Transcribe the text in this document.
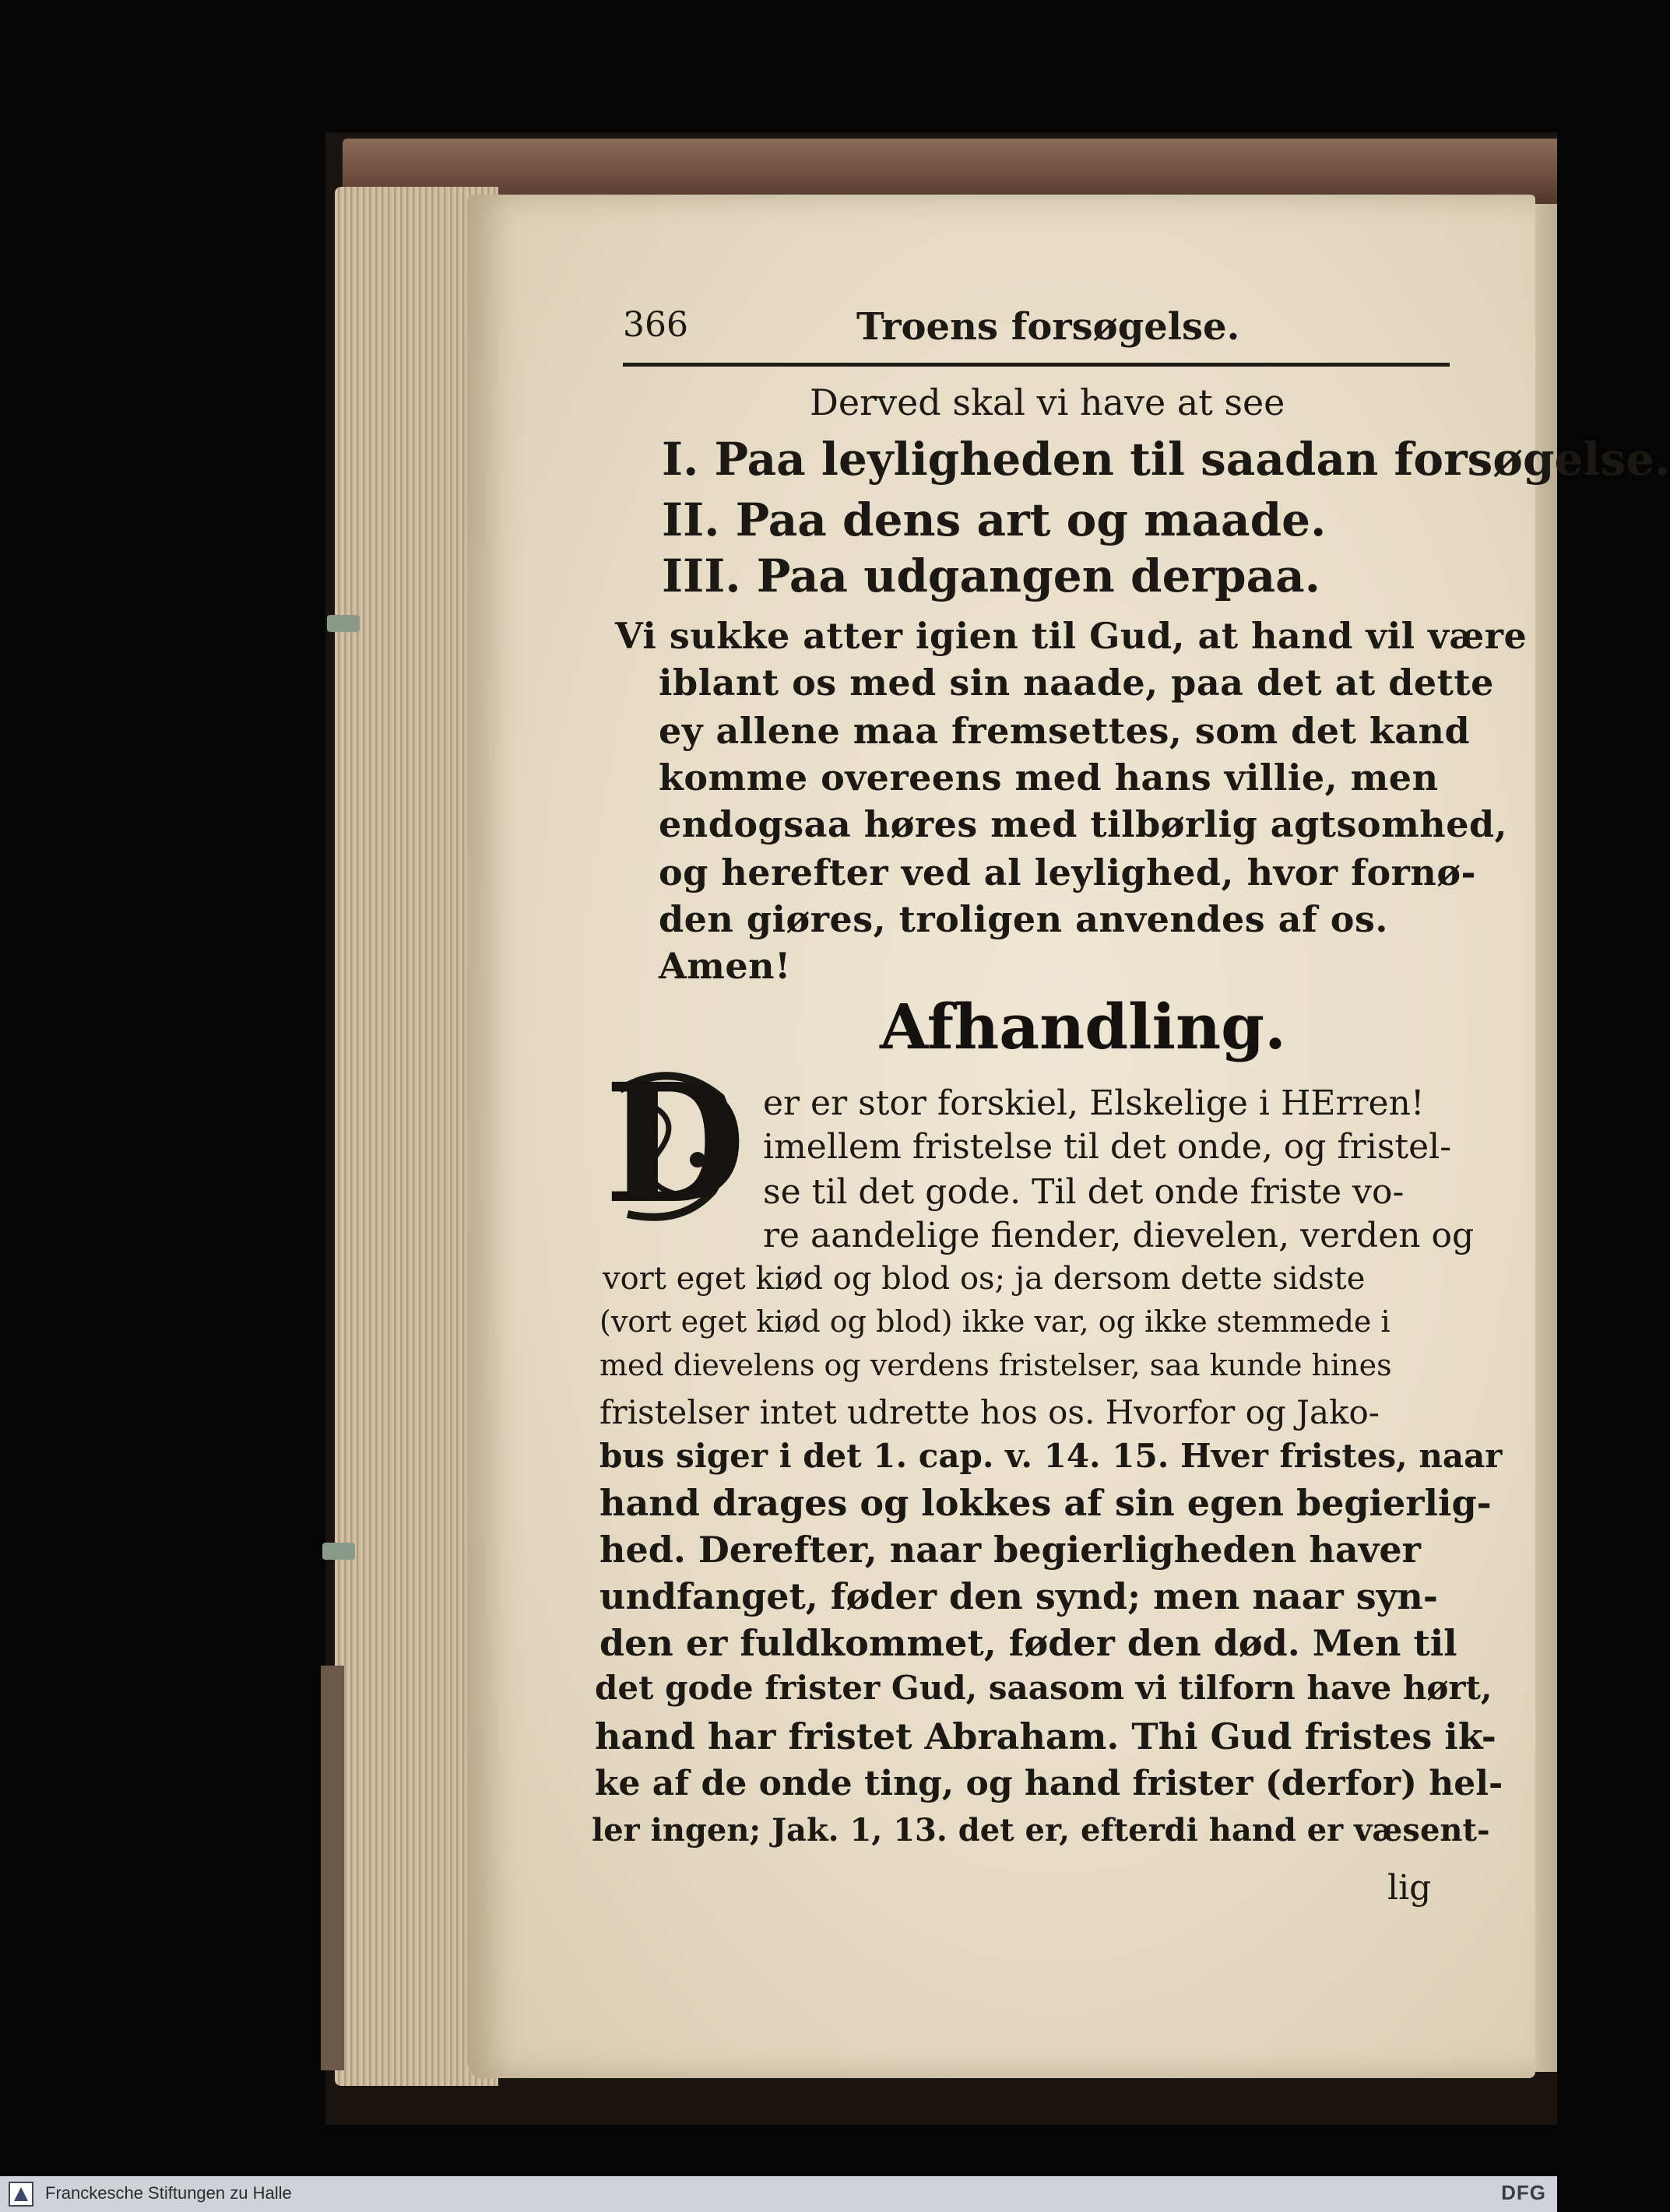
366	Troens forsøgelse.
Derved skal vi have at see
I. Paa leyligheden til saadan forsøgelse.
II. Paa dens art og maade.
III. Paa udgangen derpaa.
Vi sukke atter igien til Gud, at hand vil være
iblant os med sin naade, paa det at dette
ey allene maa fremsettes, som det kand
komme overeens med hans villie, men
endogsaa høres med tilbørlig agtsomhed,
og herefter ved al leylighed, hvor fornø-
den giøres, troligen anvendes af os.
Amen!
Afhandling.
D er er stor forskiel, Elskelige i HErren!
imellem fristelse til det onde, og fristel-
se til det gode. Til det onde friste vo-
re aandelige fiender, dievelen, verden og
vort eget kiød og blod os; ja dersom dette sidste
(vort eget kiød og blod) ikke var, og ikke stemmede i
med dievelens og verdens fristelser, saa kunde hines
fristelser intet udrette hos os. Hvorfor og Jako-
bus siger i det 1. cap. v. 14. 15. Hver fristes, naar
hand drages og lokkes af sin egen begierlig-
hed. Derefter, naar begierligheden haver
undfanget, føder den synd; men naar syn-
den er fuldkommet, føder den død. Men til
det gode frister Gud, saasom vi tilforn have hørt,
hand har fristet Abraham. Thi Gud fristes ik-
ke af de onde ting, og hand frister (derfor) hel-
ler ingen; Jak. 1, 13. det er, efterdi hand er væsent-
lig
Franckesche Stiftungen zu Halle	DFG
